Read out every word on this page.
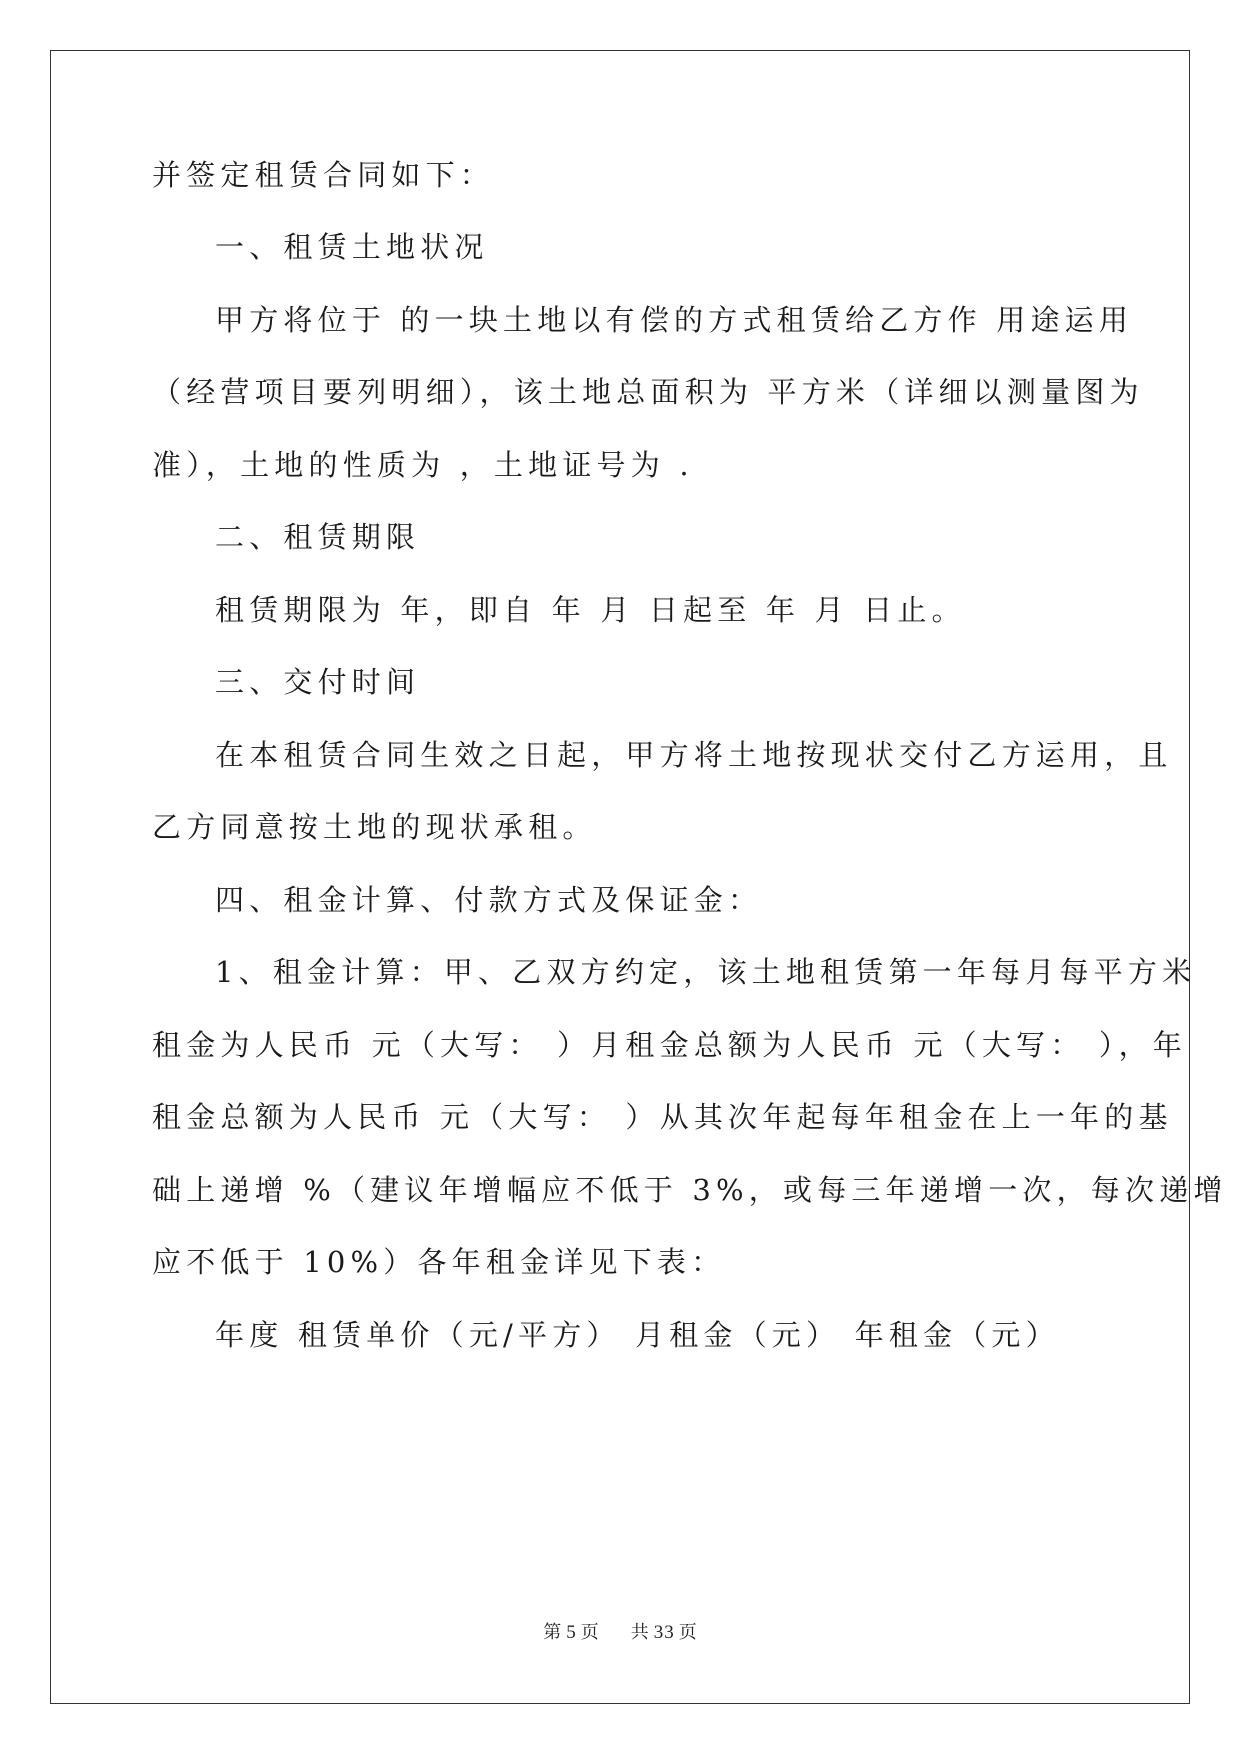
并签定租赁合同如下：
一、租赁土地状况
甲方将位于 的一块土地以有偿的方式租赁给乙方作 用途运用
（经营项目要列明细），该土地总面积为 平方米（详细以测量图为
准），土地的性质为 ，土地证号为 .
二、租赁期限
租赁期限为 年，即自 年 月 日起至 年 月 日止。
三、交付时间
在本租赁合同生效之日起，甲方将土地按现状交付乙方运用，且
乙方同意按土地的现状承租。
四、租金计算、付款方式及保证金：
1、租金计算：甲、乙双方约定，该土地租赁第一年每月每平方米
租金为人民币 元（大写： ）月租金总额为人民币 元（大写： ），年
租金总额为人民币 元（大写： ）从其次年起每年租金在上一年的基
础上递增 %（建议年增幅应不低于 3%，或每三年递增一次，每次递增
应不低于 10%）各年租金详见下表：
年度 租赁单价（元/平方） 月租金（元） 年租金（元）
第 5 页 共 33 页
